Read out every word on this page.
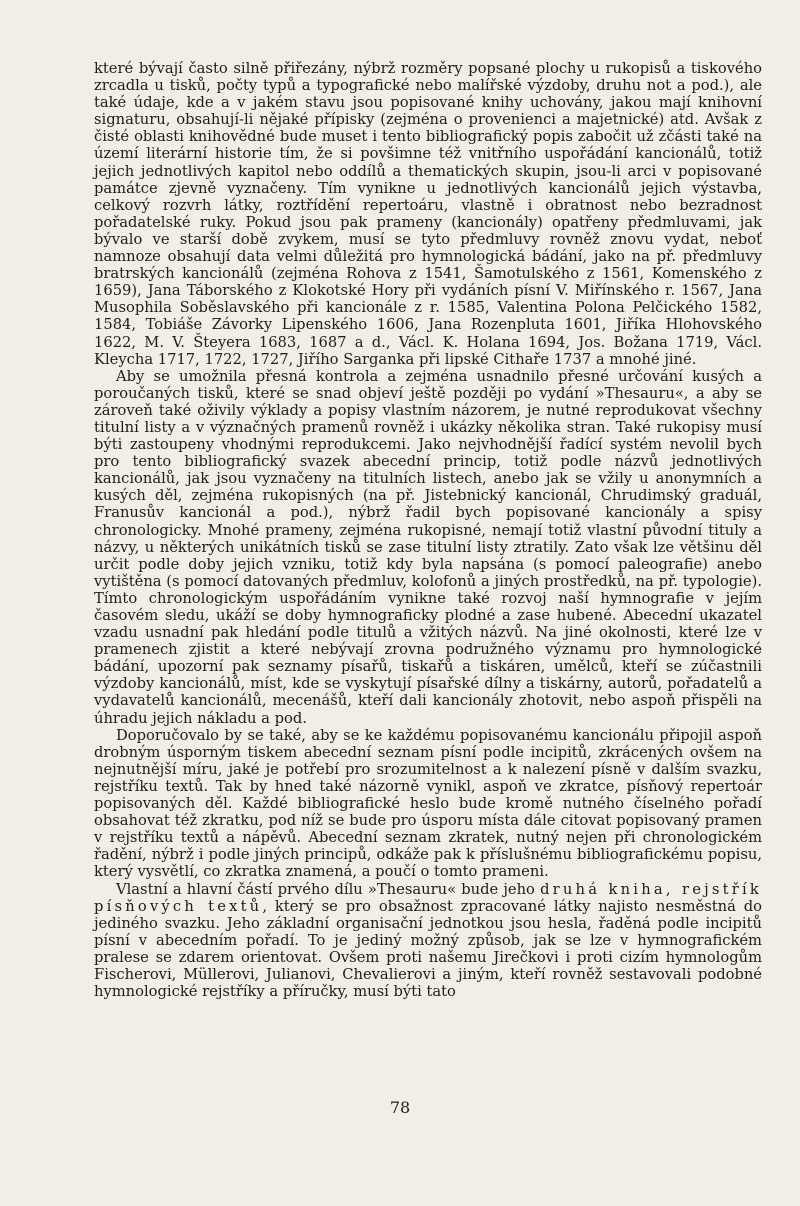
které bývají často silně přiřezány, nýbrž rozměry popsané plochy u rukopisů a tiskového zrcadla u tisků, počty typů a typografické nebo malířské výzdoby, druhu not a pod.), ale také údaje, kde a v jakém stavu jsou popisované knihy uchovány, jakou mají knihovní signaturu, obsahují-li nějaké přípisky (zejména o provenienci a majetnické) atd. Avšak z čisté oblasti knihovědné bude muset i tento bibliografický popis zabočit už zčásti také na území literární historie tím, že si povšimne též vnitřního uspořádání kancionálů, totiž jejich jednotlivých kapitol nebo oddílů a thematických skupin, jsou-li arci v popisované památce zjevně vyznačeny. Tím vynikne u jednotlivých kancionálů jejich výstavba, celkový rozvrh látky, roztřídění repertoáru, vlastně i obratnost nebo bezradnost pořadatelské ruky. Pokud jsou pak prameny (kancionály) opatřeny předmluvami, jak bývalo ve starší době zvykem, musí se tyto předmluvy rovněž znovu vydat, neboť namnoze obsahují data velmi důležitá pro hymnologická bádání, jako na př. předmluvy bratrských kancionálů (zejména Rohova z 1541, Šamotulského z 1561, Komenského z 1659), Jana Táborského z Klokotské Hory při vydáních písní V. Miřínského r. 1567, Jana Musophila Soběslavského při kancionále z r. 1585, Valentina Polona Pelčického 1582, 1584, Tobiáše Závorky Lipenského 1606, Jana Rozenpluta 1601, Jiříka Hlohovského 1622, M. V. Šteyera 1683, 1687 a d., Václ. K. Holana 1694, Jos. Božana 1719, Václ. Kleycha 1717, 1722, 1727, Jiřího Sarganka při lipské Cithaře 1737 a mnohé jiné.

Aby se umožnila přesná kontrola a zejména usnadnilo přesné určování kusých a poroučaných tisků, které se snad objeví ještě později po vydání »Thesauru«, a aby se zároveň také oživily výklady a popisy vlastním názorem, je nutné reprodukovat všechny titulní listy a v význačných pramenů rovněž i ukázky několika stran. Také rukopisy musí býti zastoupeny vhodnými reprodukcemi. Jako nejvhodnější řadící systém nevolil bych pro tento bibliografický svazek abecední princip, totiž podle názvů jednotlivých kancionálů, jak jsou vyznačeny na titulních listech, anebo jak se vžily u anonymních a kusých děl, zejména rukopisných (na př. Jistebnický kancionál, Chrudimský graduál, Franusův kancionál a pod.), nýbrž řadil bych popisované kancionály a spisy chronologicky. Mnohé prameny, zejména rukopisné, nemají totiž vlastní původní tituly a názvy, u některých unikátních tisků se zase titulní listy ztratily. Zato však lze většinu děl určit podle doby jejich vzniku, totiž kdy byla napsána (s pomocí paleografie) anebo vytištěna (s pomocí datovaných předmluv, kolofonů a jiných prostředků, na př. typologie). Tímto chronologickým uspořádáním vynikne také rozvoj naší hymnografie v jejím časovém sledu, ukáží se doby hymnograficky plodné a zase hubené. Abecední ukazatel vzadu usnadní pak hledání podle titulů a vžitých názvů. Na jiné okolnosti, které lze v pramenech zjistit a které nebývají zrovna podružného významu pro hymnologické bádání, upozorní pak seznamy písařů, tiskařů a tiskáren, umělců, kteří se zúčastnili výzdoby kancionálů, míst, kde se vyskytují písařské dílny a tiskárny, autorů, pořadatelů a vydavatelů kancionálů, mecenášů, kteří dali kancionály zhotovit, nebo aspoň přispěli na úhradu jejich nákladu a pod.

Doporučovalo by se také, aby se ke každému popisovanému kancionálu připojil aspoň drobným úsporným tiskem abecední seznam písní podle incipitů, zkrácených ovšem na nejnutnější míru, jaké je potřebí pro srozumitelnost a k nalezení písně v dalším svazku, rejstříku textů. Tak by hned také názorně vynikl, aspoň ve zkratce, písňový repertoár popisovaných děl. Každé bibliografické heslo bude kromě nutného číselného pořadí obsahovat též zkratku, pod níž se bude pro úsporu místa dále citovat popisovaný pramen v rejstříku textů a nápěvů. Abecední seznam zkratek, nutný nejen při chronologickém řadění, nýbrž i podle jiných principů, odkáže pak k příslušnému bibliografickému popisu, který vysvětlí, co zkratka znamená, a poučí o tomto prameni.

Vlastní a hlavní částí prvého dílu »Thesauru« bude jeho druhá kniha, rejstřík písňových textů, který se pro obsažnost zpracované látky najisto nesměstná do jediného svazku. Jeho základní organisační jednotkou jsou hesla, řaděná podle incipitů písní v abecedním pořadí. To je jediný možný způsob, jak se lze v hymnografickém pralese se zdarem orientovat. Ovšem proti našemu Jirečkovi i proti cizím hymnologům Fischerovi, Müllerovi, Julianovi, Chevalierovi a jiným, kteří rovněž sestavovali podobné hymnologické rejstříky a příručky, musí býti tato

78
